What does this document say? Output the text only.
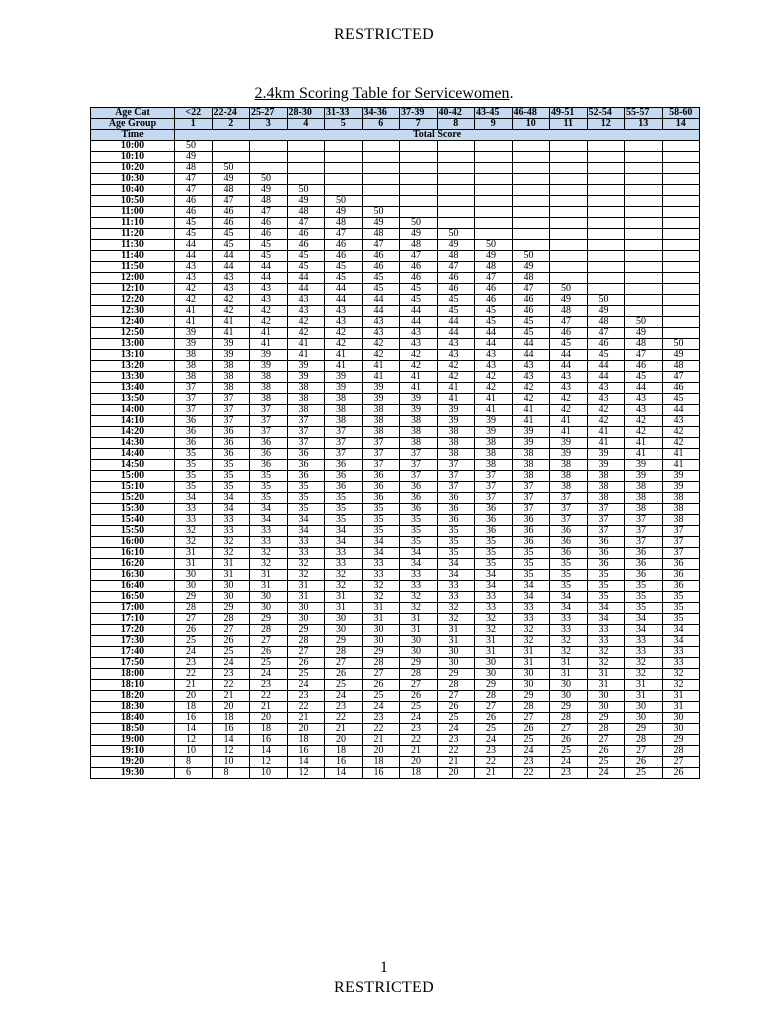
RESTRICTED
2.4km Scoring Table for Servicewomen.
Age Cat	<22	22-24	25-27	28-30	31-33	34-36	37-39	40-42	43-45	46-48	49-51	52-54	55-57	58-60
Age Group	1	2	3	4	5	6	7	8	9	10	11	12	13	14
Time	Total Score													
10:00	50													
10:10	49													
10:20	48	50												
10:30	47	49	50											
10:40	47	48	49	50										
10:50	46	47	48	49	50									
11:00	46	46	47	48	49	50								
11:10	45	46	46	47	48	49	50							
11:20	45	45	46	46	47	48	49	50						
11:30	44	45	45	46	46	47	48	49	50					
11:40	44	44	45	45	46	46	47	48	49	50				
11:50	43	44	44	45	45	46	46	47	48	49				
12:00	43	43	44	44	45	45	46	46	47	48				
12:10	42	43	43	44	44	45	45	46	46	47	50			
12:20	42	42	43	43	44	44	45	45	46	46	49	50		
12:30	41	42	42	43	43	44	44	45	45	46	48	49		
12:40	41	41	42	42	43	43	44	44	45	45	47	48	50	
12:50	39	41	41	42	42	43	43	44	44	45	46	47	49	
13:00	39	39	41	41	42	42	43	43	44	44	45	46	48	50
13:10	38	39	39	41	41	42	42	43	43	44	44	45	47	49
13:20	38	38	39	39	41	41	42	42	43	43	44	44	46	48
13:30	38	38	38	39	39	41	41	42	42	43	43	44	45	47
13:40	37	38	38	38	39	39	41	41	42	42	43	43	44	46
13:50	37	37	38	38	38	39	39	41	41	42	42	43	43	45
14:00	37	37	37	38	38	38	39	39	41	41	42	42	43	44
14:10	36	37	37	37	38	38	38	39	39	41	41	42	42	43
14:20	36	36	37	37	37	38	38	38	39	39	41	41	42	42
14:30	36	36	36	37	37	37	38	38	38	39	39	41	41	42
14:40	35	36	36	36	37	37	37	38	38	38	39	39	41	41
14:50	35	35	36	36	36	37	37	37	38	38	38	39	39	41
15:00	35	35	35	36	36	36	37	37	37	38	38	38	39	39
15:10	35	35	35	35	36	36	36	37	37	37	38	38	38	39
15:20	34	34	35	35	35	36	36	36	37	37	37	38	38	38
15:30	33	34	34	35	35	35	36	36	36	37	37	37	38	38
15:40	33	33	34	34	35	35	35	36	36	36	37	37	37	38
15:50	32	33	33	34	34	35	35	35	36	36	36	37	37	37
16:00	32	32	33	33	34	34	35	35	35	36	36	36	37	37
16:10	31	32	32	33	33	34	34	35	35	35	36	36	36	37
16:20	31	31	32	32	33	33	34	34	35	35	35	36	36	36
16:30	30	31	31	32	32	33	33	34	34	35	35	35	36	36
16:40	30	30	31	31	32	32	33	33	34	34	35	35	35	36
16:50	29	30	30	31	31	32	32	33	33	34	34	35	35	35
17:00	28	29	30	30	31	31	32	32	33	33	34	34	35	35
17:10	27	28	29	30	30	31	31	32	32	33	33	34	34	35
17:20	26	27	28	29	30	30	31	31	32	32	33	33	34	34
17:30	25	26	27	28	29	30	30	31	31	32	32	33	33	34
17:40	24	25	26	27	28	29	30	30	31	31	32	32	33	33
17:50	23	24	25	26	27	28	29	30	30	31	31	32	32	33
18:00	22	23	24	25	26	27	28	29	30	30	31	31	32	32
18:10	21	22	23	24	25	26	27	28	29	30	30	31	31	32
18:20	20	21	22	23	24	25	26	27	28	29	30	30	31	31
18:30	18	20	21	22	23	24	25	26	27	28	29	30	30	31
18:40	16	18	20	21	22	23	24	25	26	27	28	29	30	30
18:50	14	16	18	20	21	22	23	24	25	26	27	28	29	30
19:00	12	14	16	18	20	21	22	23	24	25	26	27	28	29
19:10	10	12	14	16	18	20	21	22	23	24	25	26	27	28
19:20	8	10	12	14	16	18	20	21	22	23	24	25	26	27
19:30	6	8	10	12	14	16	18	20	21	22	23	24	25	26
1
RESTRICTED
